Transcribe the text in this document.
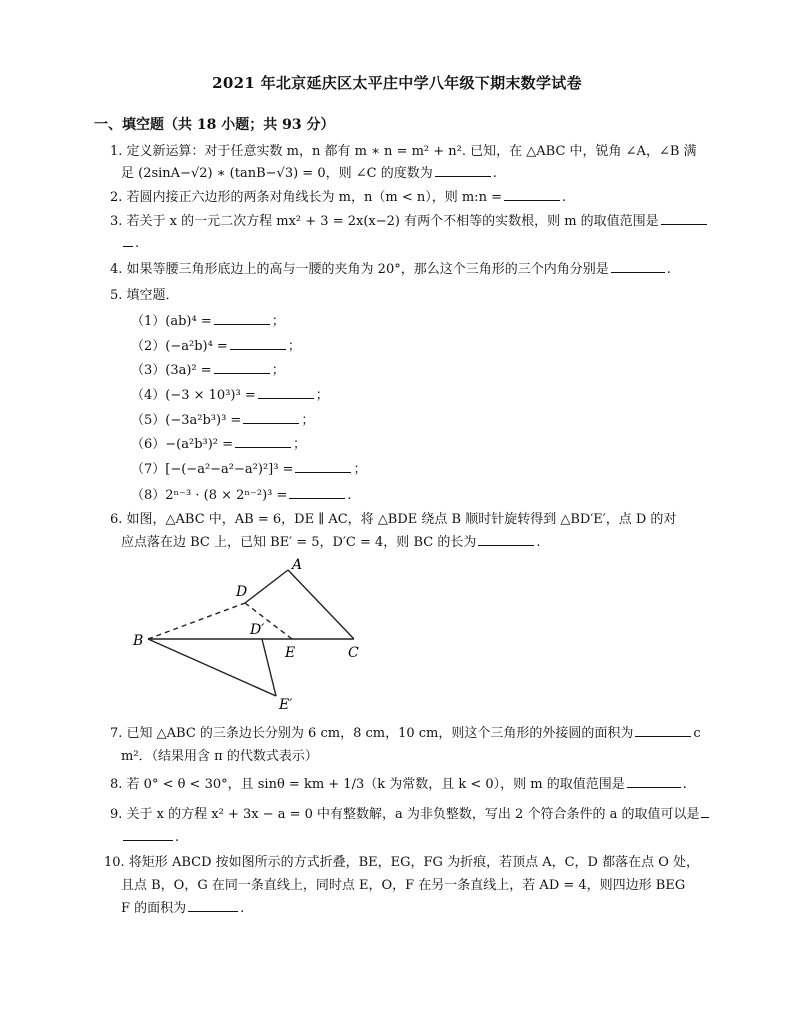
2021 年北京延庆区太平庄中学八年级下期末数学试卷
一、填空题（共 18 小题；共 93 分）
1. 定义新运算：对于任意实数 m，n 都有 m ∗ n = m² + n². 已知，在 △ABC 中，锐角 ∠A，∠B 满
足 (2sinA−√2) ∗ (tanB−√3) = 0，则 ∠C 的度数为	.
2. 若圆内接正六边形的两条对角线长为 m，n（m < n），则 m:n =	.
3. 若关于 x 的一元二次方程 mx² + 3 = 2x(x−2) 有两个不相等的实数根，则 m 的取值范围是
.
4. 如果等腰三角形底边上的高与一腰的夹角为 20°，那么这个三角形的三个内角分别是	.
5. 填空题．
（1）(ab)⁴ =	；
（2）(−a²b)⁴ =	；
（3）(3a)² =	；
（4）(−3 × 10³)³ =	；
（5）(−3a²b³)³ =	；
（6）−(a²b³)² =	；
（7）[−(−a²−a²−a²)²]³ =	；
（8）2ⁿ⁻³ · (8 × 2ⁿ⁻²)³ =	.
6. 如图，△ABC 中，AB = 6，DE ∥ AC，将 △BDE 绕点 B 顺时针旋转得到 △BD′E′，点 D 的对
应点落在边 BC 上，已知 BE′ = 5，D′C = 4，则 BC 的长为	.
A
D
B
D′
E	C
E′
7. 已知 △ABC 的三条边长分别为 6 cm，8 cm，10 cm，则这个三角形的外接圆的面积为	c
m²．（结果用含 π 的代数式表示）
8. 若 0° < θ < 30°，且 sinθ = km + 1/3（k 为常数，且 k < 0），则 m 的取值范围是	.
9. 关于 x 的方程 x² + 3x − a = 0 中有整数解，a 为非负整数，写出 2 个符合条件的 a 的取值可以是
.
10. 将矩形 ABCD 按如图所示的方式折叠，BE，EG，FG 为折痕，若顶点 A，C，D 都落在点 O 处，
且点 B，O，G 在同一条直线上，同时点 E，O，F 在另一条直线上，若 AD = 4，则四边形 BEG
F 的面积为	.
